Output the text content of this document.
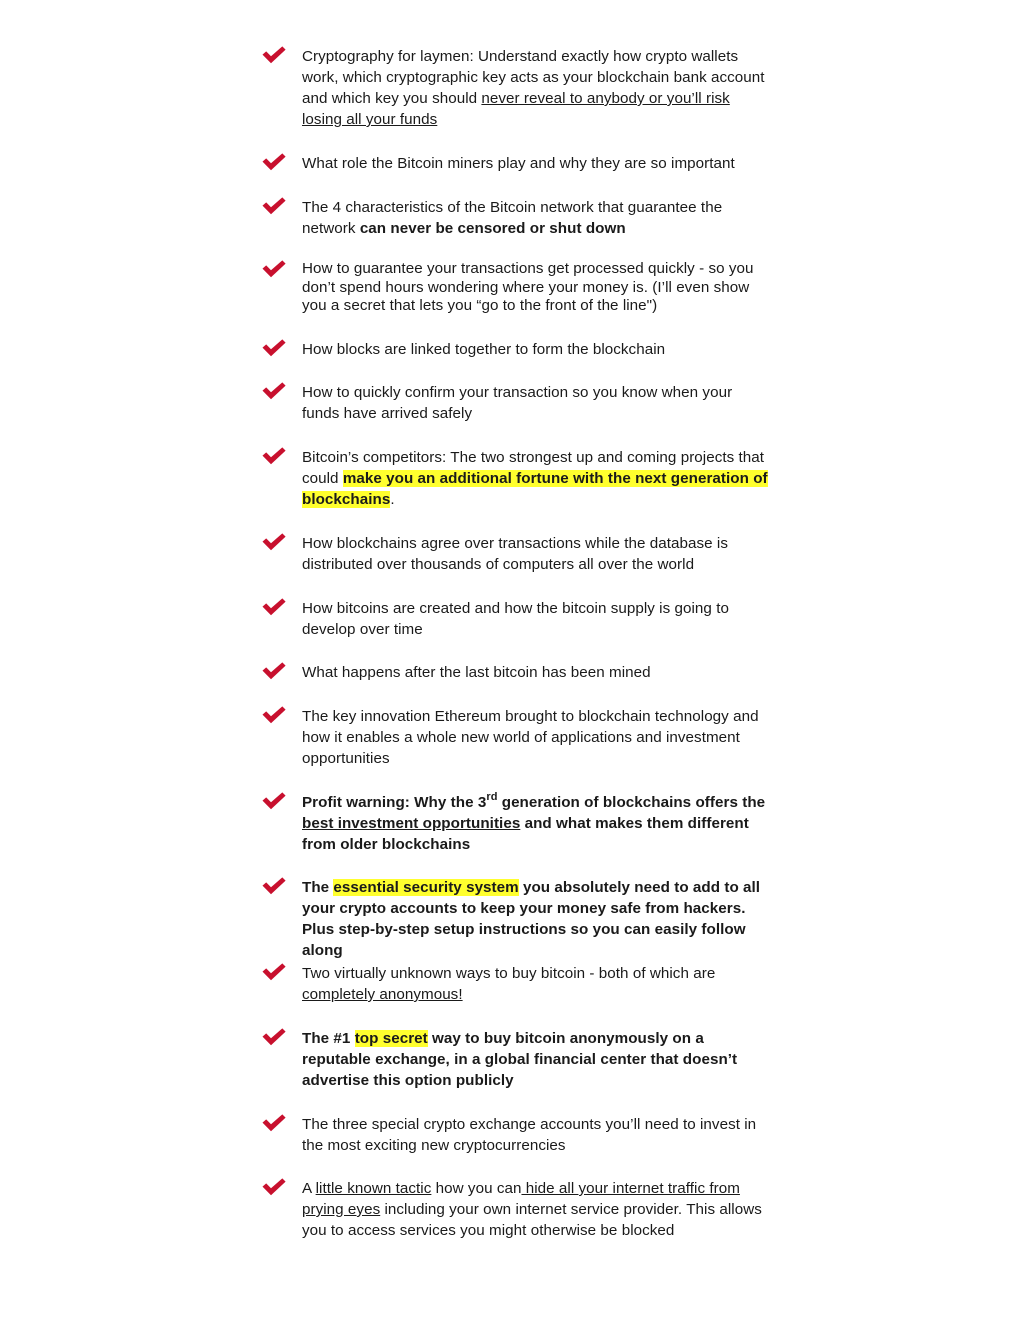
Cryptography for laymen: Understand exactly how crypto wallets work, which cryptographic key acts as your blockchain bank account and which key you should never reveal to anybody or you’ll risk losing all your funds
What role the Bitcoin miners play and why they are so important
The 4 characteristics of the Bitcoin network that guarantee the network can never be censored or shut down
How to guarantee your transactions get processed quickly - so you don’t spend hours wondering where your money is. (I’ll even show you a secret that lets you “go to the front of the line")
How blocks are linked together to form the blockchain
How to quickly confirm your transaction so you know when your funds have arrived safely
Bitcoin’s competitors: The two strongest up and coming projects that could make you an additional fortune with the next generation of blockchains.
How blockchains agree over transactions while the database is distributed over thousands of computers all over the world
How bitcoins are created and how the bitcoin supply is going to develop over time
What happens after the last bitcoin has been mined
The key innovation Ethereum brought to blockchain technology and how it enables a whole new world of applications and investment opportunities
Profit warning: Why the 3rd generation of blockchains offers the best investment opportunities and what makes them different from older blockchains
The essential security system you absolutely need to add to all your crypto accounts to keep your money safe from hackers. Plus step-by-step setup instructions so you can easily follow along
Two virtually unknown ways to buy bitcoin - both of which are completely anonymous!
The #1 top secret way to buy bitcoin anonymously on a reputable exchange, in a global financial center that doesn’t advertise this option publicly
The three special crypto exchange accounts you’ll need to invest in the most exciting new cryptocurrencies
A little known tactic how you can hide all your internet traffic from prying eyes including your own internet service provider. This allows you to access services you might otherwise be blocked
